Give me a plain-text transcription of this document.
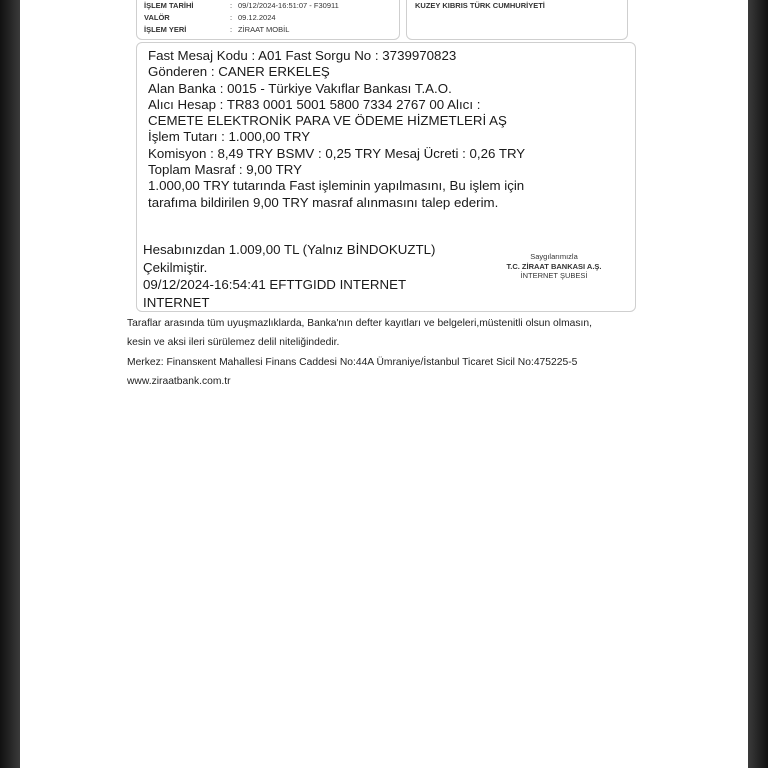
İŞLEM TARİHİ	: 09/12/2024-16:51:07 - F30911
VALÖR	: 09.12.2024
İŞLEM YERİ	: ZİRAAT MOBİL
KUZEY KIBRIS TÜRK CUMHURİYETİ
Fast Mesaj Kodu : A01 Fast Sorgu No : 3739970823
Gönderen : CANER ERKELEŞ
Alan Banka : 0015 - Türkiye Vakıflar Bankası T.A.O.
Alıcı Hesap : TR83 0001 5001 5800 7334 2767 00 Alıcı :
CEMETE ELEKTRONİK PARA VE ÖDEME HİZMETLERİ AŞ
İşlem Tutarı : 1.000,00 TRY
Komisyon : 8,49 TRY BSMV : 0,25 TRY Mesaj Ücreti : 0,26 TRY
Toplam Masraf : 9,00 TRY
1.000,00 TRY tutarında Fast işleminin yapılmasını, Bu işlem için
tarafıma bildirilen 9,00 TRY masraf alınmasını talep ederim.
Hesabınızdan 1.009,00 TL (Yalnız BİNDOKUZTL)
Çekilmiştir.
09/12/2024-16:54:41 EFTTGIDD INTERNET
INTERNET
Saygılarımızla
T.C. ZİRAAT BANKASI A.Ş.
İNTERNET ŞUBESİ
Taraflar arasında tüm uyuşmazlıklarda, Banka'nın defter kayıtları ve belgeleri,müstenitli olsun olmasın,
kesin ve aksi ileri sürülemez delil niteliğindedir.
Merkez: Finansкent Mahallesi Finans Caddesi No:44A Ümraniye/İstanbul Ticaret Sicil No:475225-5
www.ziraatbank.com.tr
